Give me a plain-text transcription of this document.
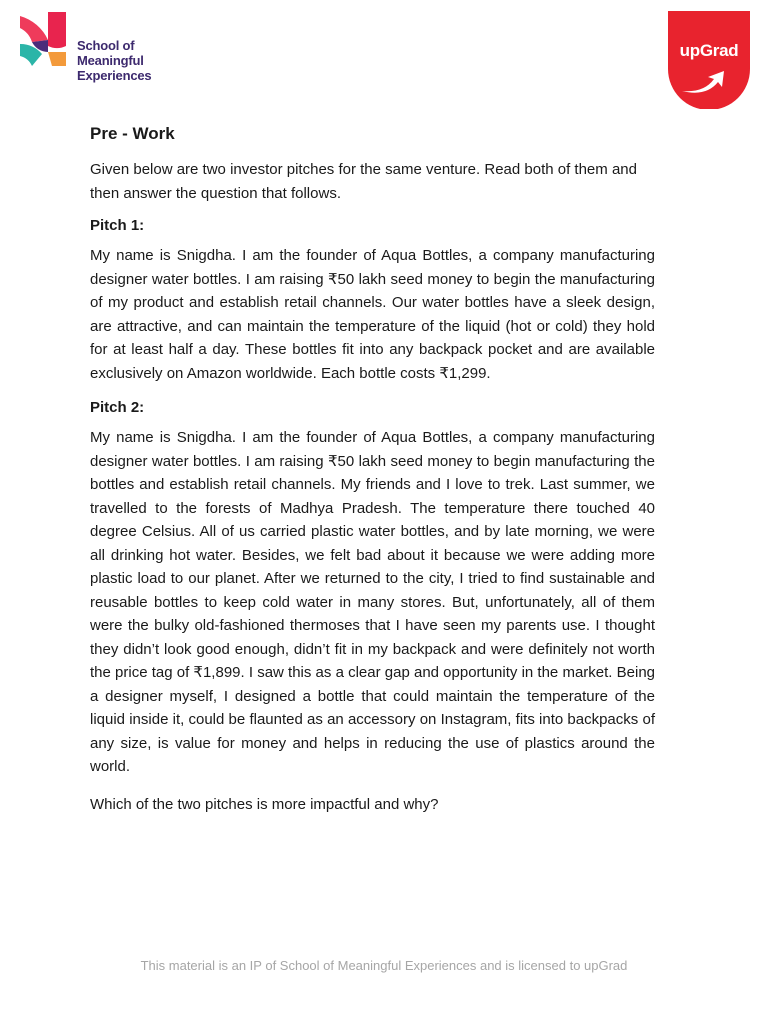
School of
Meaningful
Experiences
upGrad
Pre - Work

Given below are two investor pitches for the same venture. Read both of them and then answer the question that follows.

Pitch 1:

My name is Snigdha. I am the founder of Aqua Bottles, a company manufacturing designer water bottles. I am raising ₹50 lakh seed money to begin the manufacturing of my product and establish retail channels. Our water bottles have a sleek design, are attractive, and can maintain the temperature of the liquid (hot or cold) they hold for at least half a day. These bottles fit into any backpack pocket and are available exclusively on Amazon worldwide. Each bottle costs ₹1,299.

Pitch 2:

My name is Snigdha. I am the founder of Aqua Bottles, a company manufacturing designer water bottles. I am raising ₹50 lakh seed money to begin manufacturing the bottles and establish retail channels. My friends and I love to trek. Last summer, we travelled to the forests of Madhya Pradesh. The temperature there touched 40 degree Celsius. All of us carried plastic water bottles, and by late morning, we were all drinking hot water. Besides, we felt bad about it because we were adding more plastic load to our planet. After we returned to the city, I tried to find sustainable and reusable bottles to keep cold water in many stores. But, unfortunately, all of them were the bulky old-fashioned thermoses that I have seen my parents use. I thought they didn’t look good enough, didn’t fit in my backpack and were definitely not worth the price tag of ₹1,899. I saw this as a clear gap and opportunity in the market. Being a designer myself, I designed a bottle that could maintain the temperature of the liquid inside it, could be flaunted as an accessory on Instagram, fits into backpacks of any size, is value for money and helps in reducing the use of plastics around the world.

Which of the two pitches is more impactful and why?

This material is an IP of School of Meaningful Experiences and is licensed to upGrad
